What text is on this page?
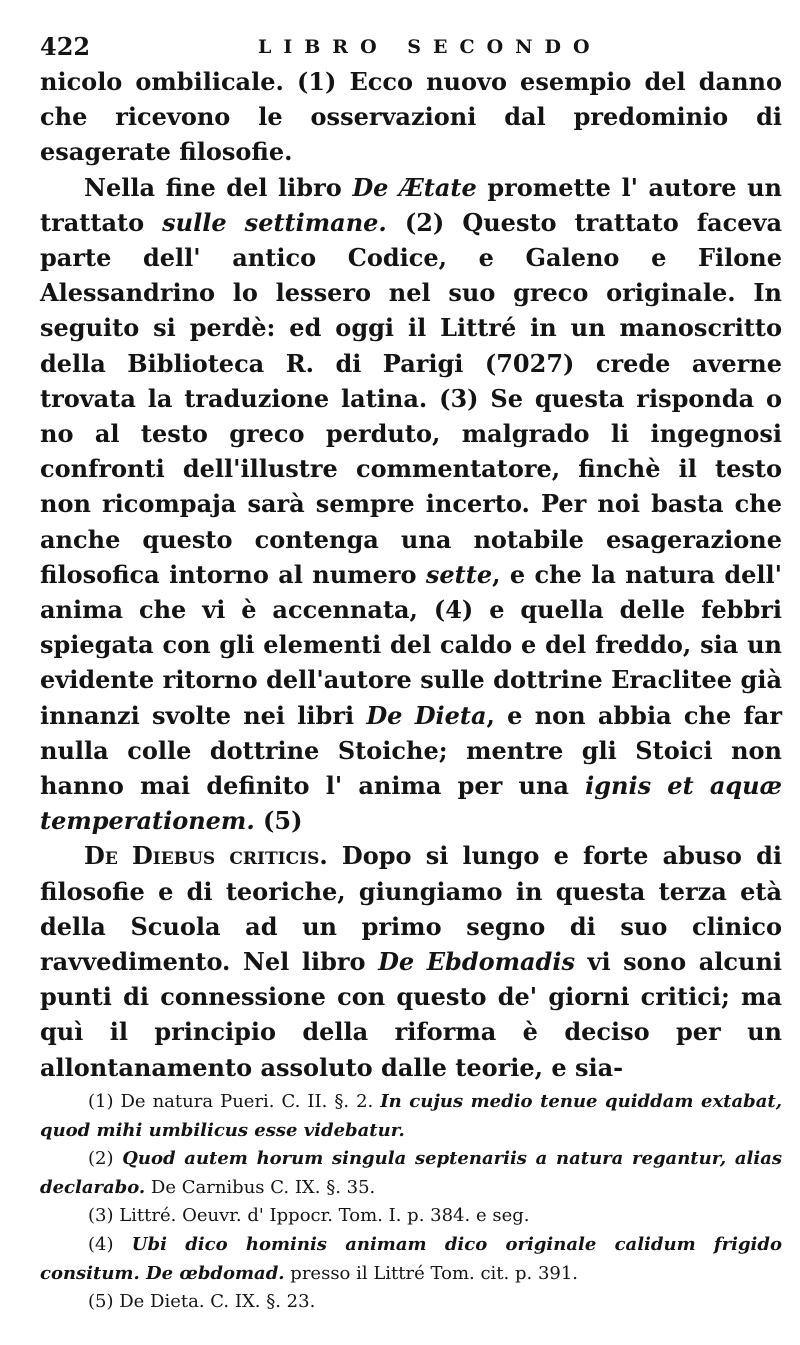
422	LIBRO SECONDO

nicolo ombilicale. (1) Ecco nuovo esempio del danno che ricevono le osservazioni dal predominio di esagerate filosofie.

Nella fine del libro De Ætate promette l' autore un trattato sulle settimane. (2) Questo trattato faceva parte dell' antico Codice, e Galeno e Filone Alessandrino lo lessero nel suo greco originale. In seguito si perdè: ed oggi il Littré in un manoscritto della Biblioteca R. di Parigi (7027) crede averne trovata la traduzione latina. (3) Se questa risponda o no al testo greco perduto, malgrado li ingegnosi confronti dell'illustre commentatore, finchè il testo non ricompaja sarà sempre incerto. Per noi basta che anche questo contenga una notabile esagerazione filosofica intorno al numero sette, e che la natura dell' anima che vi è accennata, (4) e quella delle febbri spiegata con gli elementi del caldo e del freddo, sia un evidente ritorno dell'autore sulle dottrine Eraclitee già innanzi svolte nei libri De Dieta, e non abbia che far nulla colle dottrine Stoiche; mentre gli Stoici non hanno mai definito l' anima per una ignis et aquæ temperationem. (5)

De Diebus criticis. Dopo si lungo e forte abuso di filosofie e di teoriche, giungiamo in questa terza età della Scuola ad un primo segno di suo clinico ravvedimento. Nel libro De Ebdomadis vi sono alcuni punti di connessione con questo de' giorni critici; ma quì il principio della riforma è deciso per un allontanamento assoluto dalle teorie, e sia-

(1) De natura Pueri. C. II. §. 2. In cujus medio tenue quiddam extabat, quod mihi umbilicus esse videbatur.

(2) Quod autem horum singula septenariis a natura regantur, alias declarabo. De Carnibus C. IX. §. 35.

(3) Littré. Oeuvr. d' Ippocr. Tom. I. p. 384. e seg.

(4) Ubi dico hominis animam dico originale calidum frigido consitum. De œbdomad. presso il Littré Tom. cit. p. 391.

(5) De Dieta. C. IX. §. 23.
